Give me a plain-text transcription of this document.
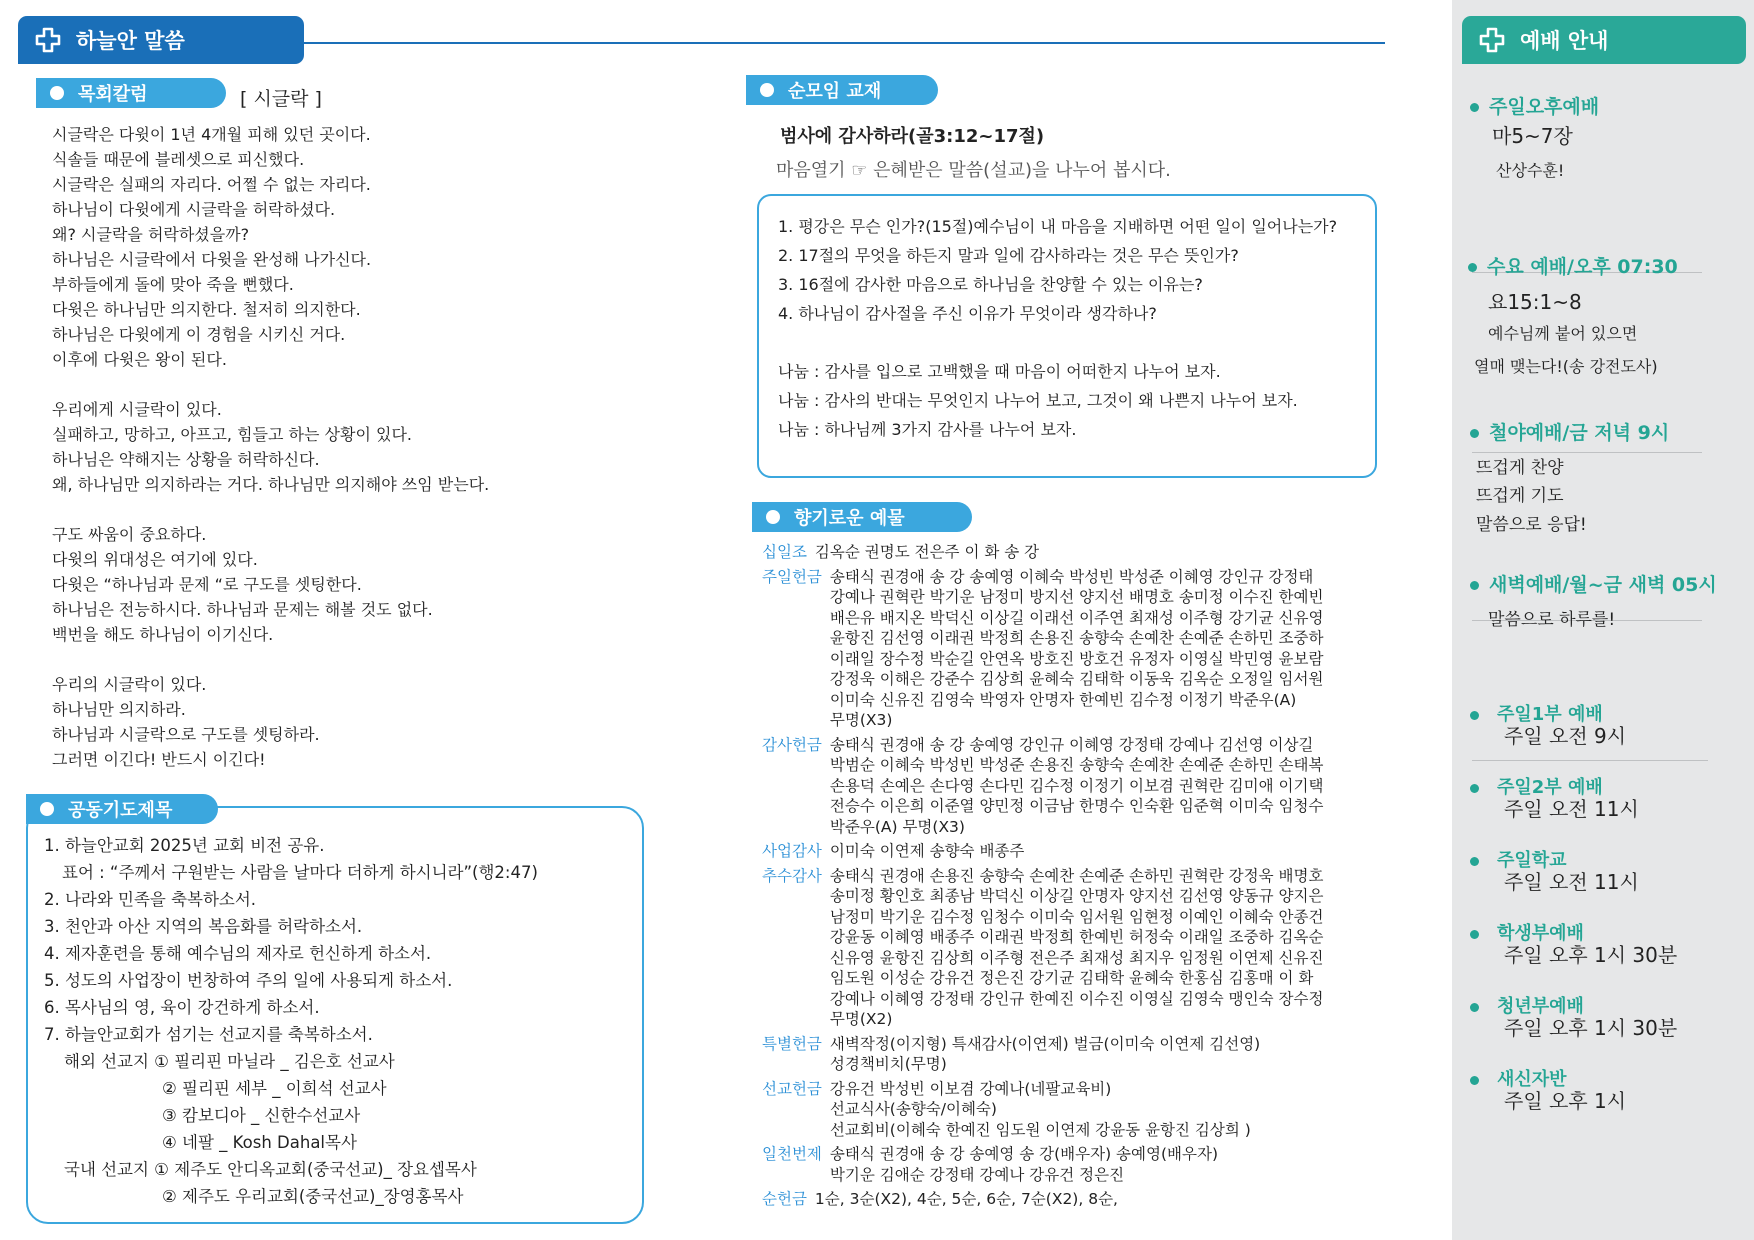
하늘안 말씀
목회칼럼	[ 시글락 ]
시글락은 다윗이 1년 4개월 피해 있던 곳이다.
식솔들 때문에 블레셋으로 피신했다.
시글락은 실패의 자리다. 어쩔 수 없는 자리다.
하나님이 다윗에게 시글락을 허락하셨다.
왜? 시글락을 허락하셨을까?
하나님은 시글락에서 다윗을 완성해 나가신다.
부하들에게 돌에 맞아 죽을 뻔했다.
다윗은 하나님만 의지한다. 철저히 의지한다.
하나님은 다윗에게 이 경험을 시키신 거다.
이후에 다윗은 왕이 된다.
우리에게 시글락이 있다.
실패하고, 망하고, 아프고, 힘들고 하는 상황이 있다.
하나님은 약해지는 상황을 허락하신다.
왜, 하나님만 의지하라는 거다. 하나님만 의지해야 쓰임 받는다.
구도 싸움이 중요하다.
다윗의 위대성은 여기에 있다.
다윗은 “하나님과 문제 “로 구도를 셋팅한다.
하나님은 전능하시다. 하나님과 문제는 해볼 것도 없다.
백번을 해도 하나님이 이기신다.
우리의 시글락이 있다.
하나님만 의지하라.
하나님과 시글락으로 구도를 셋팅하라.
그러면 이긴다! 반드시 이긴다!
공동기도제목
1. 하늘안교회 2025년 교회 비전 공유.
표어 : “주께서 구원받는 사람을 날마다 더하게 하시니라”(행2:47)
2. 나라와 민족을 축복하소서.
3. 천안과 아산 지역의 복음화를 허락하소서.
4. 제자훈련을 통해 예수님의 제자로 헌신하게 하소서.
5. 성도의 사업장이 번창하여 주의 일에 사용되게 하소서.
6. 목사님의 영, 육이 강건하게 하소서.
7. 하늘안교회가 섬기는 선교지를 축복하소서.
해외 선교지 ① 필리핀 마닐라 _ 김은호 선교사
② 필리핀 세부 _ 이희석 선교사
③ 캄보디아 _ 신한수선교사
④ 네팔 _ Kosh Dahal목사
국내 선교지 ① 제주도 안디옥교회(중국선교)_ 장요셉목사
② 제주도 우리교회(중국선교)_장영홍목사
순모임 교재
범사에 감사하라(골3:12~17절)
마음열기 ☞ 은혜받은 말씀(설교)을 나누어 봅시다.
1. 평강은 무슨 인가?(15절)예수님이 내 마음을 지배하면 어떤 일이 일어나는가?
2. 17절의 무엇을 하든지 말과 일에 감사하라는 것은 무슨 뜻인가?
3. 16절에 감사한 마음으로 하나님을 찬양할 수 있는 이유는?
4. 하나님이 감사절을 주신 이유가 무엇이라 생각하나?
나눔 : 감사를 입으로 고백했을 때 마음이 어떠한지 나누어 보자.
나눔 : 감사의 반대는 무엇인지 나누어 보고, 그것이 왜 나쁜지 나누어 보자.
나눔 : 하나님께 3가지 감사를 나누어 보자.
향기로운 예물
십일조 김옥순 권명도 전은주 이 화 송 강
주일헌금 송태식 권경애 송 강 송예영 이혜숙 박성빈 박성준 이혜영 강인규 강정태
강예나 권혁란 박기운 남정미 방지선 양지선 배명호 송미정 이수진 한예빈
배은유 배지온 박덕신 이상길 이래선 이주연 최재성 이주형 강기균 신유영
윤항진 김선영 이래권 박정희 손용진 송향숙 손예찬 손예준 손하민 조중하
이래일 장수정 박순길 안연옥 방호진 방호건 유정자 이영실 박민영 윤보람
강정욱 이해은 강준수 김상희 윤혜숙 김태학 이동욱 김옥순 오정일 임서원
이미숙 신유진 김영숙 박영자 안명자 한예빈 김수정 이정기 박준우(A)
무명(X3)
감사헌금 송태식 권경애 송 강 송예영 강인규 이혜영 강정태 강예나 김선영 이상길
박범순 이혜숙 박성빈 박성준 손용진 송향숙 손예찬 손예준 손하민 손태복
손용덕 손예은 손다영 손다민 김수정 이정기 이보겸 권혁란 김미애 이기택
전승수 이은희 이준열 양민정 이금남 한명수 인숙환 임준혁 이미숙 임청수
박준우(A) 무명(X3)
사업감사 이미숙 이연제 송향숙 배종주
추수감사 송태식 권경애 손용진 송향숙 손예찬 손예준 손하민 권혁란 강정욱 배명호
송미정 황인호 최종남 박덕신 이상길 안명자 양지선 김선영 양동규 양지은
남정미 박기운 김수정 임청수 이미숙 임서원 임현정 이예인 이혜숙 안종건
강윤동 이혜영 배종주 이래권 박정희 한예빈 허정숙 이래일 조중하 김옥순
신유영 윤항진 김상희 이주형 전은주 최재성 최지우 임정원 이연제 신유진
임도원 이성순 강유건 정은진 강기균 김태학 윤혜숙 한홍심 김홍매 이 화
강예나 이혜영 강정태 강인규 한예진 이수진 이영실 김영숙 맹인숙 장수정
무명(X2)
특별헌금 새벽작정(이지형) 특새감사(이연제) 벌금(이미숙 이연제 김선영)
성경책비치(무명)
선교헌금 강유건 박성빈 이보겸 강예나(네팔교육비)
선교식사(송향숙/이혜숙)
선교회비(이혜숙 한예진 임도원 이연제 강윤동 윤항진 김상희 )
일천번제 송태식 권경애 송 강 송예영 송 강(배우자) 송예영(배우자)
박기운 김애순 강정태 강예나 강유건 정은진
순헌금 1순, 3순(X2), 4순, 5순, 6순, 7순(X2), 8순,
예배 안내
주일오후예배
마5~7장
산상수훈!
수요 예배/오후 07:30
요15:1~8
예수님께 붙어 있으면
열매 맺는다!(송 강전도사)
철야예배/금 저녁 9시
뜨겁게 찬양
뜨겁게 기도
말씀으로 응답!
새벽예배/월~금 새벽 05시
말씀으로 하루를!
주일1부 예배
주일 오전 9시
주일2부 예배
주일 오전 11시
주일학교
주일 오전 11시
학생부예배
주일 오후 1시 30분
청년부예배
주일 오후 1시 30분
새신자반
주일 오후 1시
